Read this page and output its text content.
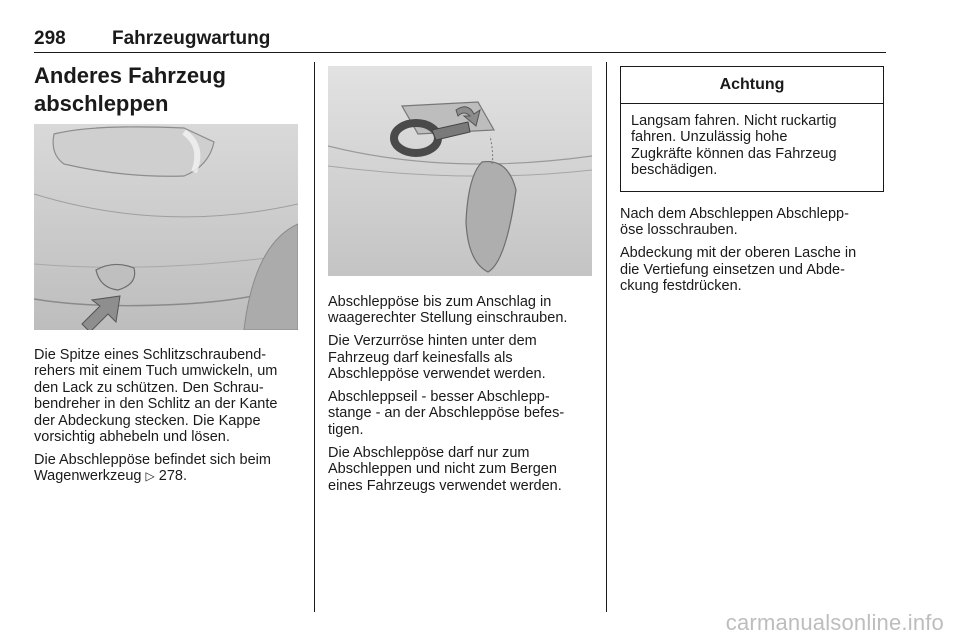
298 Fahrzeugwartung
Anderes Fahrzeug
abschleppen

Die Spitze eines Schlitzschraubend-
rehers mit einem Tuch umwickeln, um
den Lack zu schützen. Den Schrau-
bendreher in den Schlitz an der Kante
der Abdeckung stecken. Die Kappe
vorsichtig abhebeln und lösen.

Die Abschleppöse befindet sich beim
Wagenwerkzeug ▷ 278.

Abschleppöse bis zum Anschlag in
waagerechter Stellung einschrauben.

Die Verzurröse hinten unter dem
Fahrzeug darf keinesfalls als
Abschleppöse verwendet werden.

Abschleppseil - besser Abschlepp-
stange - an der Abschleppöse befes-
tigen.

Die Abschleppöse darf nur zum
Abschleppen und nicht zum Bergen
eines Fahrzeugs verwendet werden.

Achtung
Langsam fahren. Nicht ruckartig
fahren. Unzulässig hohe
Zugkräfte können das Fahrzeug
beschädigen.

Nach dem Abschleppen Abschlepp-
öse losschrauben.

Abdeckung mit der oberen Lasche in
die Vertiefung einsetzen und Abde-
ckung festdrücken.

carmanualsonline.info
